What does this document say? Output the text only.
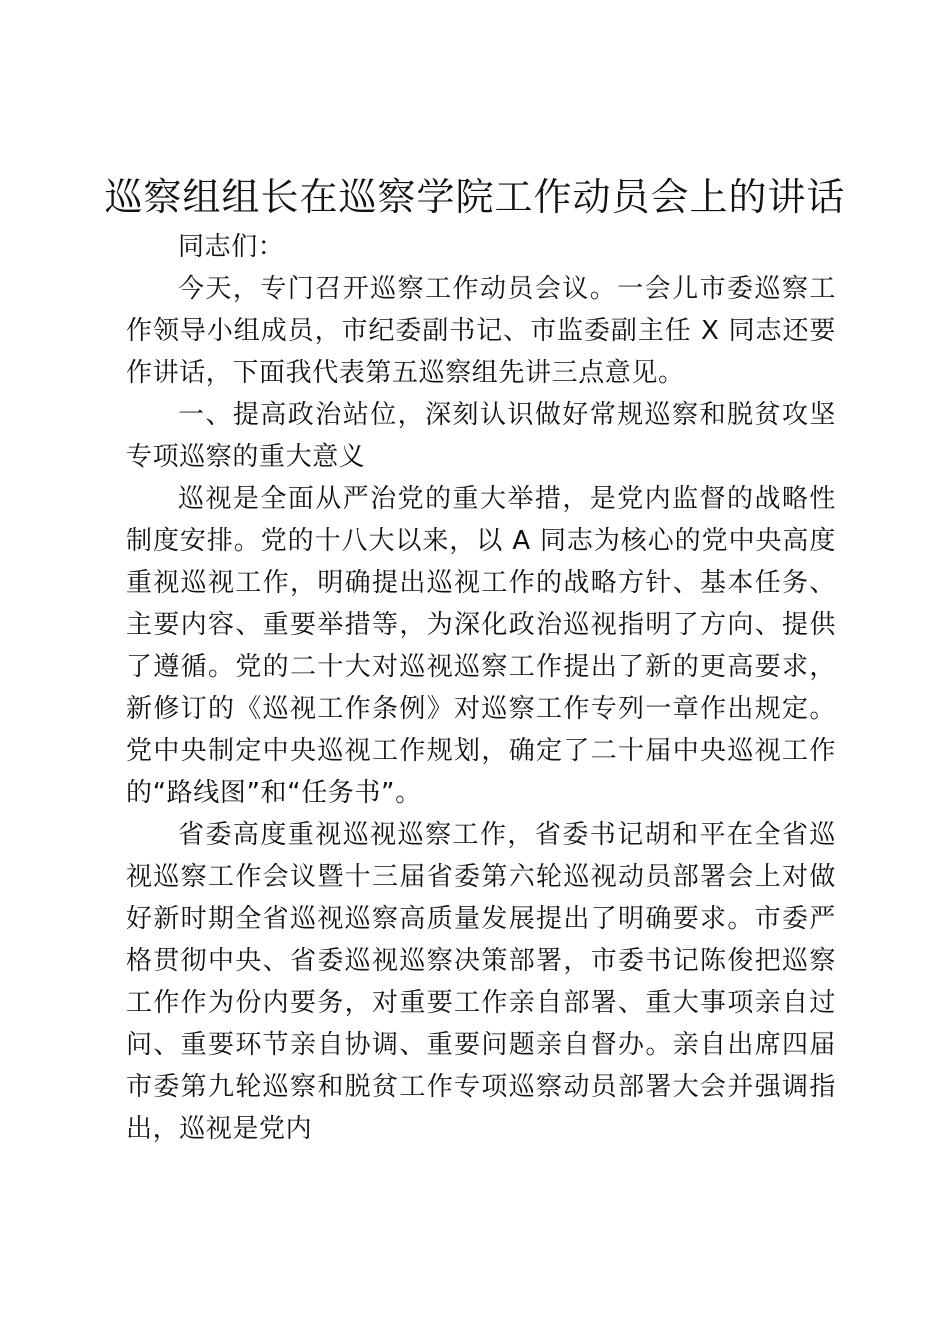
巡察组组长在巡察学院工作动员会上的讲话

同志们：

今天，专门召开巡察工作动员会议。一会儿市委巡察工作领导小组成员，市纪委副书记、市监委副主任 X 同志还要作讲话，下面我代表第五巡察组先讲三点意见。

一、提高政治站位，深刻认识做好常规巡察和脱贫攻坚专项巡察的重大意义

巡视是全面从严治党的重大举措，是党内监督的战略性制度安排。党的十八大以来，以 A 同志为核心的党中央高度重视巡视工作，明确提出巡视工作的战略方针、基本任务、主要内容、重要举措等，为深化政治巡视指明了方向、提供了遵循。党的二十大对巡视巡察工作提出了新的更高要求，新修订的《巡视工作条例》对巡察工作专列一章作出规定。党中央制定中央巡视工作规划，确定了二十届中央巡视工作的“路线图”和“任务书”。

省委高度重视巡视巡察工作，省委书记胡和平在全省巡视巡察工作会议暨十三届省委第六轮巡视动员部署会上对做好新时期全省巡视巡察高质量发展提出了明确要求。市委严格贯彻中央、省委巡视巡察决策部署，市委书记陈俊把巡察工作作为份内要务，对重要工作亲自部署、重大事项亲自过问、重要环节亲自协调、重要问题亲自督办。亲自出席四届市委第九轮巡察和脱贫工作专项巡察动员部署大会并强调指出，巡视是党内
